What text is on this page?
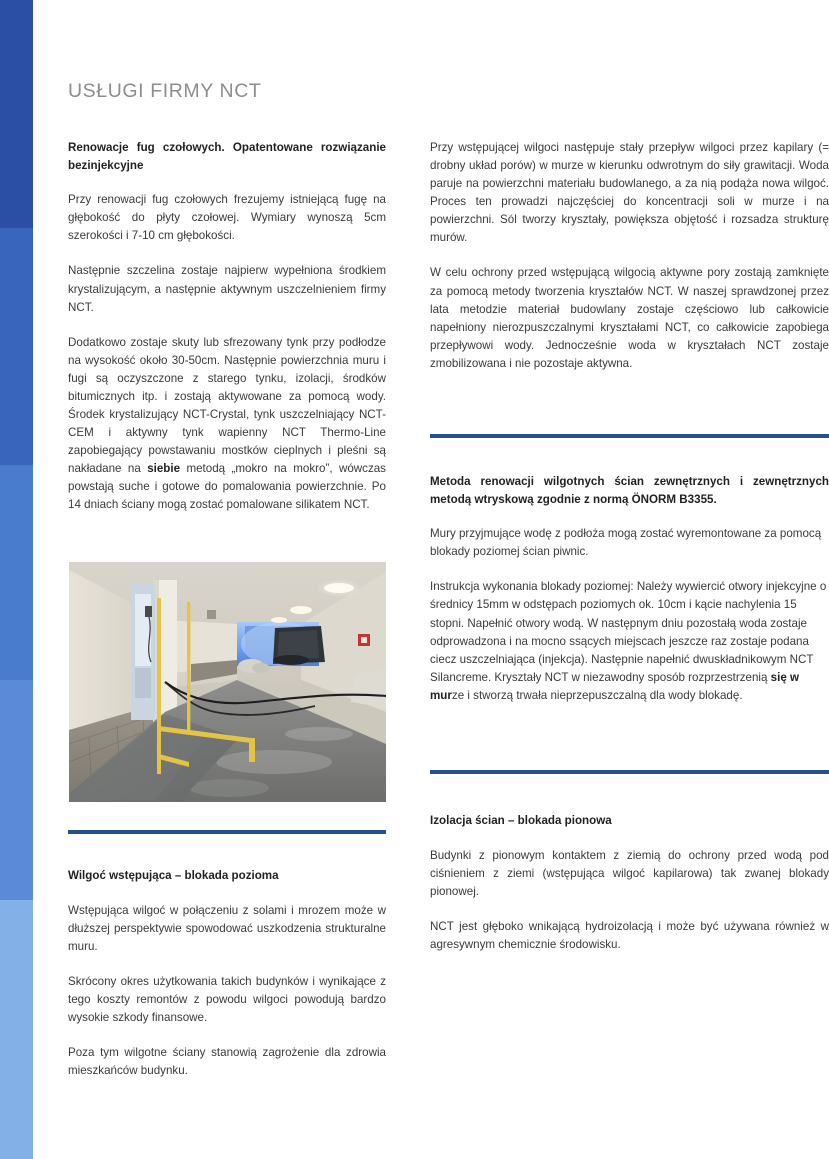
USŁUGI FIRMY NCT
Renowacje fug czołowych. Opatentowane rozwiązanie bezinjekcyjne

Przy renowacji fug czołowych frezujemy istniejącą fugę na głębokość do płyty czołowej. Wymiary wynoszą 5cm szerokości i 7-10 cm głębokości.

Następnie szczelina zostaje najpierw wypełniona środkiem krystalizującym, a następnie aktywnym uszczelnieniem firmy NCT.

Dodatkowo zostaje skuty lub sfrezowany tynk przy podłodze na wysokość około 30-50cm. Następnie powierzchnia muru i fugi są oczyszczone z starego tynku, izolacji, środków bitumicznych itp. i zostają aktywowane za pomocą wody. Środek krystalizujący NCT-Crystal, tynk uszczelniający NCT-CEM i aktywny tynk wapienny NCT Thermo-Line zapobiegający powstawaniu mostków cieplnych i pleśni są nakładane na siebie metodą „mokro na mokro”, wówczas powstają suche i gotowe do pomalowania powierzchnie. Po 14 dniach ściany mogą zostać pomalowane silikatem NCT.

Wilgoć wstępująca – blokada pozioma

Wstępująca wilgoć w połączeniu z solami i mrozem może w dłuższej perspektywie spowodować uszkodzenia strukturalne muru.

Skrócony okres użytkowania takich budynków i wynikające z tego koszty remontów z powodu wilgoci powodują bardzo wysokie szkody finansowe.

Poza tym wilgotne ściany stanowią zagrożenie dla zdrowia mieszkańców budynku.

Przy wstępującej wilgoci następuje stały przepływ wilgoci przez kapilary (= drobny układ porów) w murze w kierunku odwrotnym do siły grawitacji. Woda paruje na powierzchni materiału budowlanego, a za nią podąża nowa wilgoć. Proces ten prowadzi najczęściej do koncentracji soli w murze i na powierzchni. Sól tworzy kryształy, powiększa objętość i rozsadza strukturę murów.

W celu ochrony przed wstępującą wilgocią aktywne pory zostają zamknięte za pomocą metody tworzenia kryształów NCT. W naszej sprawdzonej przez lata metodzie materiał budowlany zostaje częściowo lub całkowicie napełniony nierozpuszczalnymi kryształami NCT, co całkowicie zapobiega przepływowi wody. Jednocześnie woda w kryształach NCT zostaje zmobilizowana i nie pozostaje aktywna.

Metoda renowacji wilgotnych ścian zewnętrznych i zewnętrznych metodą wtryskową zgodnie z normą ÖNORM B3355.

Mury przyjmujące wodę z podłoża mogą zostać wyremontowane za pomocą blokady poziomej ścian piwnic.

Instrukcja wykonania blokady poziomej: Należy wywiercić otwory injekcyjne o średnicy 15mm w odstępach poziomych ok. 10cm i kącie nachylenia 15 stopni. Napełnić otwory wodą. W następnym dniu pozostałą woda zostaje odprowadzona i na mocno ssących miejscach jeszcze raz zostaje podana ciecz uszczelniająca (injekcja). Następnie napełnić dwuskładnikowym NCT Silancreme. Kryształy NCT w niezawodny sposób rozprzestrzenią się w murze i stworzą trwała nieprzepuszczalną dla wody blokadę.

Izolacja ścian – blokada pionowa

Budynki z pionowym kontaktem z ziemią do ochrony przed wodą pod ciśnieniem z ziemi (wstępująca wilgoć kapilarowa) tak zwanej blokady pionowej.

NCT jest głęboko wnikającą hydroizolacją i może być używana również w agresywnym chemicznie środowisku.
